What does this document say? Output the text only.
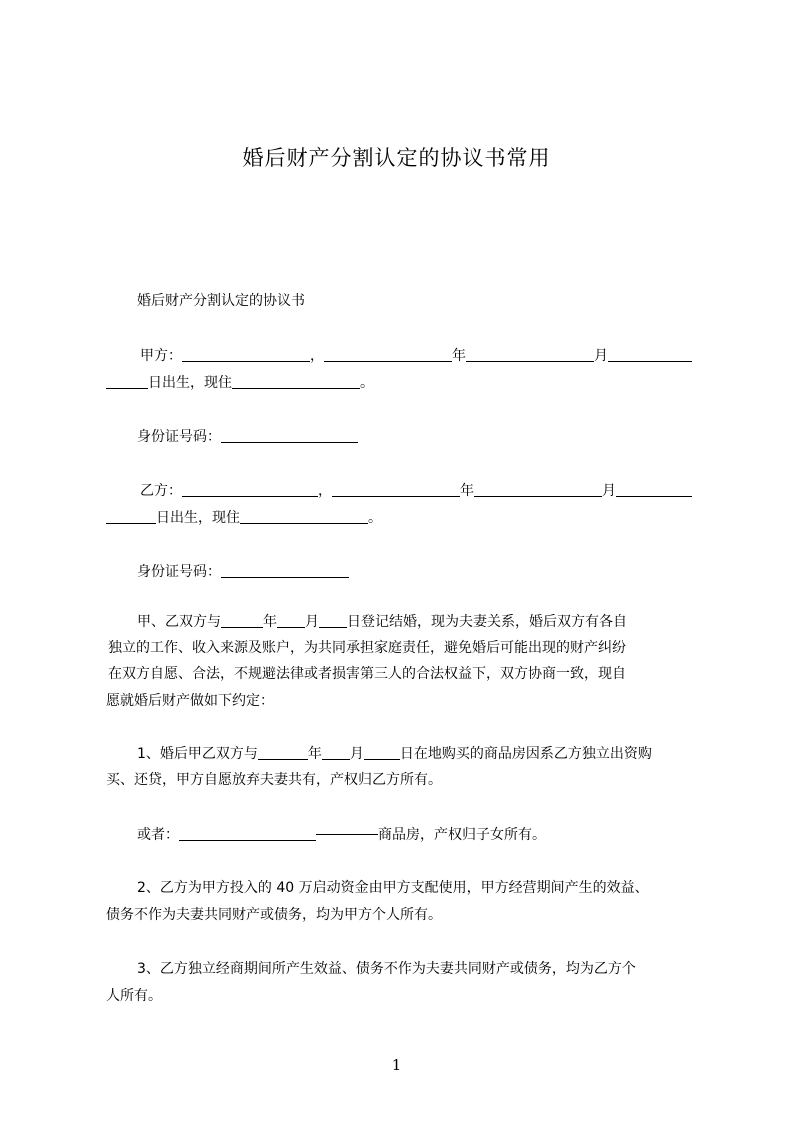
婚后财产分割认定的协议书常用
婚后财产分割认定的协议书
甲方：	，	年	月
日出生，现住	。
身份证号码：
乙方：	，	年	月
日出生，现住	。
身份证号码：
甲、乙双方与	年 月 日登记结婚，现为夫妻关系，婚后双方有各自
独立的工作、收入来源及账户，为共同承担家庭责任，避免婚后可能出现的财产纠纷
在双方自愿、合法，不规避法律或者损害第三人的合法权益下，双方协商一致，现自
愿就婚后财产做如下约定：
1、婚后甲乙双方与	年 月	日在地购买的商品房因系乙方独立出资购
买、还贷，甲方自愿放弃夫妻共有，产权归乙方所有。
或者：	商品房，产权归子女所有。
2、乙方为甲方投入的 40 万启动资金由甲方支配使用，甲方经营期间产生的效益、
债务不作为夫妻共同财产或债务，均为甲方个人所有。
3、乙方独立经商期间所产生效益、债务不作为夫妻共同财产或债务，均为乙方个
人所有。
1
